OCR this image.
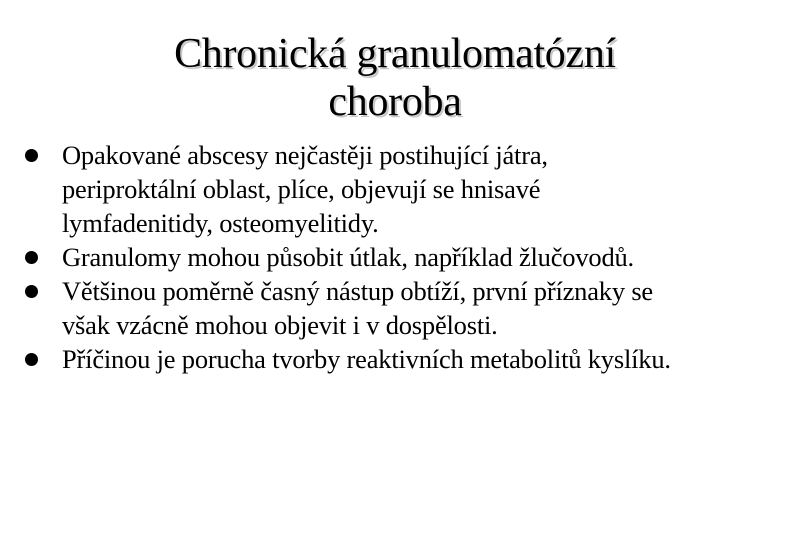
Chronická granulomatózní
choroba
Opakované abscesy nejčastěji postihující játra,
periproktální oblast, plíce, objevují se hnisavé
lymfadenitidy, osteomyelitidy.
Granulomy mohou působit útlak, například žlučovodů.
Většinou poměrně časný nástup obtíží, první příznaky se
však vzácně mohou objevit i v dospělosti.
Příčinou je porucha tvorby reaktivních metabolitů kyslíku.
